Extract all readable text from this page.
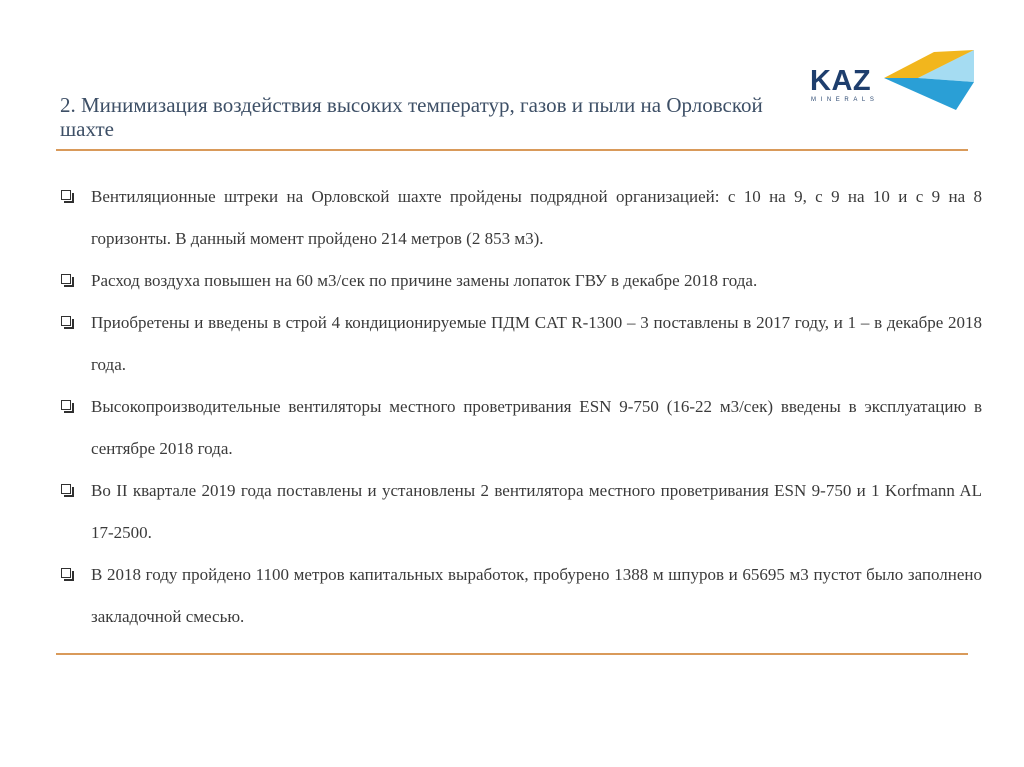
2. Минимизация воздействия высоких температур, газов и пыли на Орловской шахте
KAZ
MINERALS
Вентиляционные штреки на Орловской шахте пройдены подрядной организацией: с 10 на 9, с 9 на 10 и с 9 на 8 горизонты. В данный момент пройдено 214 метров (2 853 м3).
Расход воздуха повышен на 60 м3/сек по причине замены лопаток ГВУ в декабре 2018 года.
Приобретены и введены в строй 4 кондиционируемые ПДМ CAT R-1300 – 3 поставлены в 2017 году, и 1 – в декабре 2018 года.
Высокопроизводительные вентиляторы местного проветривания ESN 9-750 (16-22 м3/сек) введены в эксплуатацию в сентябре 2018 года.
Во II квартале 2019 года поставлены и установлены 2 вентилятора местного проветривания ESN 9-750 и 1 Korfmann AL 17-2500.
В 2018 году пройдено 1100 метров капитальных выработок, пробурено 1388 м шпуров и 65695 м3 пустот было заполнено закладочной смесью.
